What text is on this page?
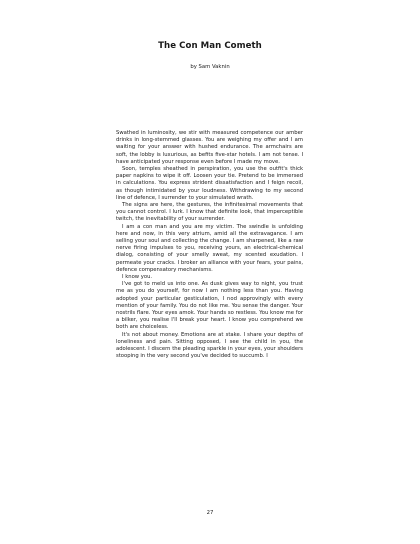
The Con Man Cometh
by Sam Vaknin

Swathed in luminosity, we stir with measured competence our amber drinks in long-stemmed glasses. You are weighing my offer and I am waiting for your answer with hushed endurance. The armchairs are soft, the lobby is luxurious, as befits five-star hotels. I am not tense. I have anticipated your response even before I made my move.

Soon, temples sheathed in perspiration, you use the outfit's thick paper napkins to wipe it off. Loosen your tie. Pretend to be immersed in calculations. You express strident dissatisfaction and I feign recoil, as though intimidated by your loudness. Withdrawing to my second line of defence, I surrender to your simulated wrath.

The signs are here, the gestures, the infinitesimal movements that you cannot control. I lurk. I know that definite look, that imperceptible twitch, the inevitability of your surrender.

I am a con man and you are my victim. The swindle is unfolding here and now, in this very atrium, amid all the extravagance. I am selling your soul and collecting the change. I am sharpened, like a raw nerve firing impulses to you, receiving yours, an electrical-chemical dialog, consisting of your smelly sweat, my scented exudation. I permeate your cracks. I broker an alliance with your fears, your pains, defence compensatory mechanisms.

I know you.

I've got to meld us into one. As dusk gives way to night, you trust me as you do yourself, for now I am nothing less than you. Having adopted your particular gesticulation, I nod approvingly with every mention of your family. You do not like me. You sense the danger. Your nostrils flare. Your eyes amok. Your hands so restless. You know me for a bilker, you realise I'll break your heart. I know you comprehend we both are choiceless.

It's not about money. Emotions are at stake. I share your depths of loneliness and pain. Sitting opposed, I see the child in you, the adolescent. I discern the pleading sparkle in your eyes, your shoulders stooping in the very second you've decided to succumb. I

27
